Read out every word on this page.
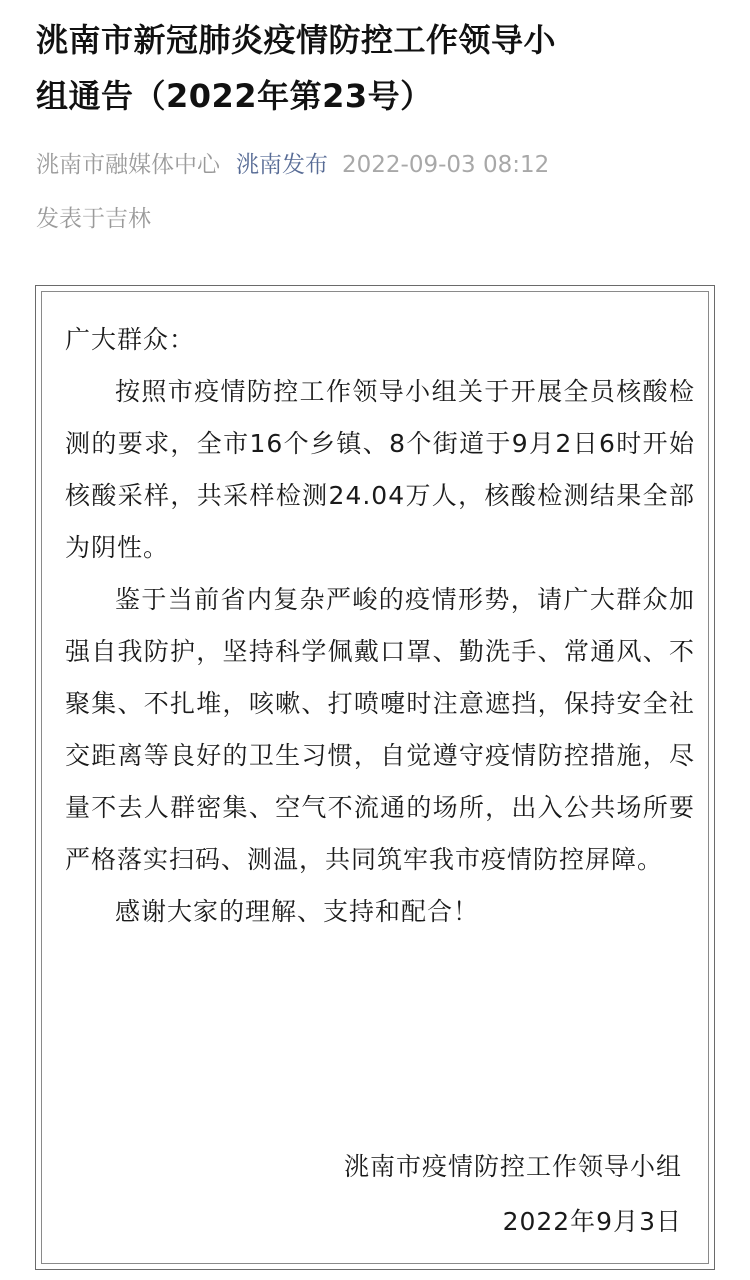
洮南市新冠肺炎疫情防控工作领导小
组通告（2022年第23号）
洮南市融媒体中心 洮南发布 2022-09-03 08:12
发表于吉林
广大群众：
按照市疫情防控工作领导小组关于开展全员核酸检测的要求，全市16个乡镇、8个街道于9月2日6时开始核酸采样，共采样检测24.04万人，核酸检测结果全部为阴性。
鉴于当前省内复杂严峻的疫情形势，请广大群众加强自我防护，坚持科学佩戴口罩、勤洗手、常通风、不聚集、不扎堆，咳嗽、打喷嚏时注意遮挡，保持安全社交距离等良好的卫生习惯，自觉遵守疫情防控措施，尽量不去人群密集、空气不流通的场所，出入公共场所要严格落实扫码、测温，共同筑牢我市疫情防控屏障。
感谢大家的理解、支持和配合！
洮南市疫情防控工作领导小组
2022年9月3日
